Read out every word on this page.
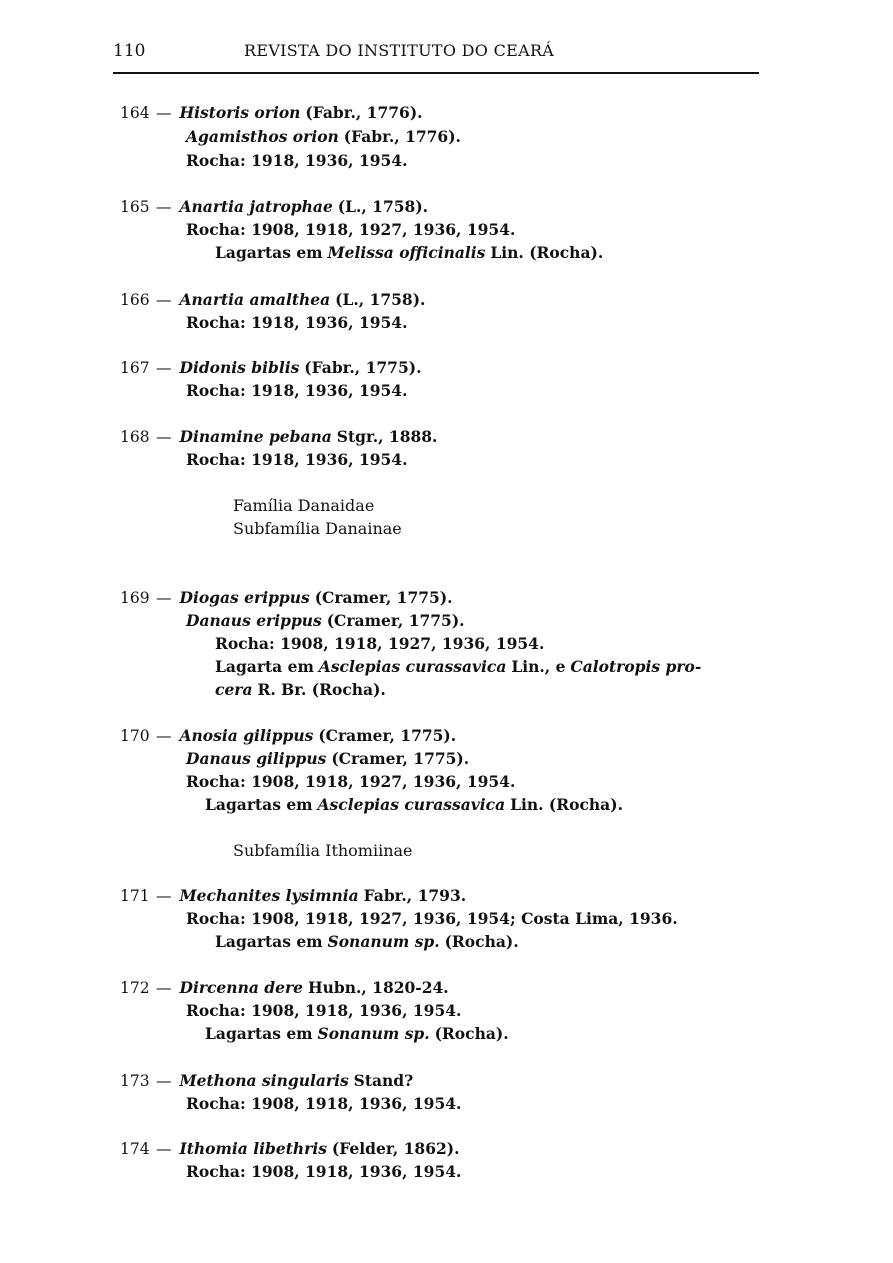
110	REVISTA DO INSTITUTO DO CEARÁ
164 — Historis orion (Fabr., 1776).
Agamisthos orion (Fabr., 1776).
Rocha: 1918, 1936, 1954.
165 — Anartia jatrophae (L., 1758).
Rocha: 1908, 1918, 1927, 1936, 1954.
Lagartas em Melissa officinalis Lin. (Rocha).
166 — Anartia amalthea (L., 1758).
Rocha: 1918, 1936, 1954.
167 — Didonis biblis (Fabr., 1775).
Rocha: 1918, 1936, 1954.
168 — Dinamine pebana Stgr., 1888.
Rocha: 1918, 1936, 1954.
Família Danaidae
Subfamília Danainae
169 — Diogas erippus (Cramer, 1775).
Danaus erippus (Cramer, 1775).
Rocha: 1908, 1918, 1927, 1936, 1954.
Lagarta em Asclepias curassavica Lin., e Calotropis pro-
cera R. Br. (Rocha).
170 — Anosia gilippus (Cramer, 1775).
Danaus gilippus (Cramer, 1775).
Rocha: 1908, 1918, 1927, 1936, 1954.
Lagartas em Asclepias curassavica Lin. (Rocha).
Subfamília Ithomiinae
171 — Mechanites lysimnia Fabr., 1793.
Rocha: 1908, 1918, 1927, 1936, 1954; Costa Lima, 1936.
Lagartas em Sonanum sp. (Rocha).
172 — Dircenna dere Hubn., 1820-24.
Rocha: 1908, 1918, 1936, 1954.
Lagartas em Sonanum sp. (Rocha).
173 — Methona singularis Stand?
Rocha: 1908, 1918, 1936, 1954.
174 — Ithomia libethris (Felder, 1862).
Rocha: 1908, 1918, 1936, 1954.
